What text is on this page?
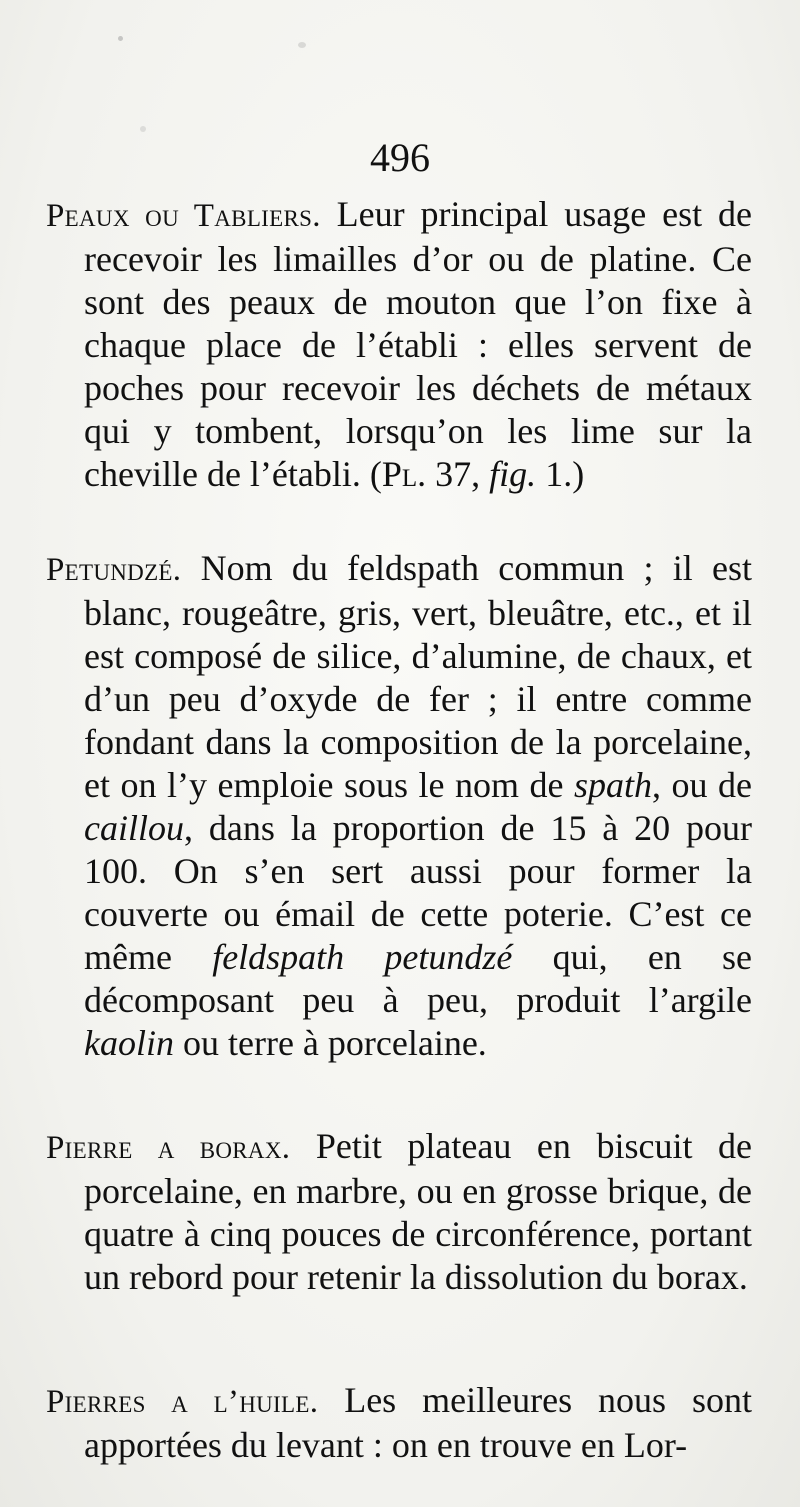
496

Peaux ou Tabliers. Leur principal usage est de recevoir les limailles d’or ou de platine. Ce sont des peaux de mouton que l’on fixe à chaque place de l’établi : elles servent de poches pour recevoir les déchets de métaux qui y tombent, lorsqu’on les lime sur la cheville de l’établi. (Pl. 37, fig. 1.)

Petundzé. Nom du feldspath commun ; il est blanc, rougeâtre, gris, vert, bleuâtre, etc., et il est composé de silice, d’alumine, de chaux, et d’un peu d’oxyde de fer ; il entre comme fondant dans la composition de la porcelaine, et on l’y emploie sous le nom de spath, ou de caillou, dans la proportion de 15 à 20 pour 100. On s’en sert aussi pour former la couverte ou émail de cette poterie. C’est ce même feldspath petundzé qui, en se décomposant peu à peu, produit l’argile kaolin ou terre à porcelaine.

Pierre a borax. Petit plateau en biscuit de porcelaine, en marbre, ou en grosse brique, de quatre à cinq pouces de circonférence, portant un rebord pour retenir la dissolution du borax.

Pierres a l’huile. Les meilleures nous sont apportées du levant : on en trouve en Lor-
